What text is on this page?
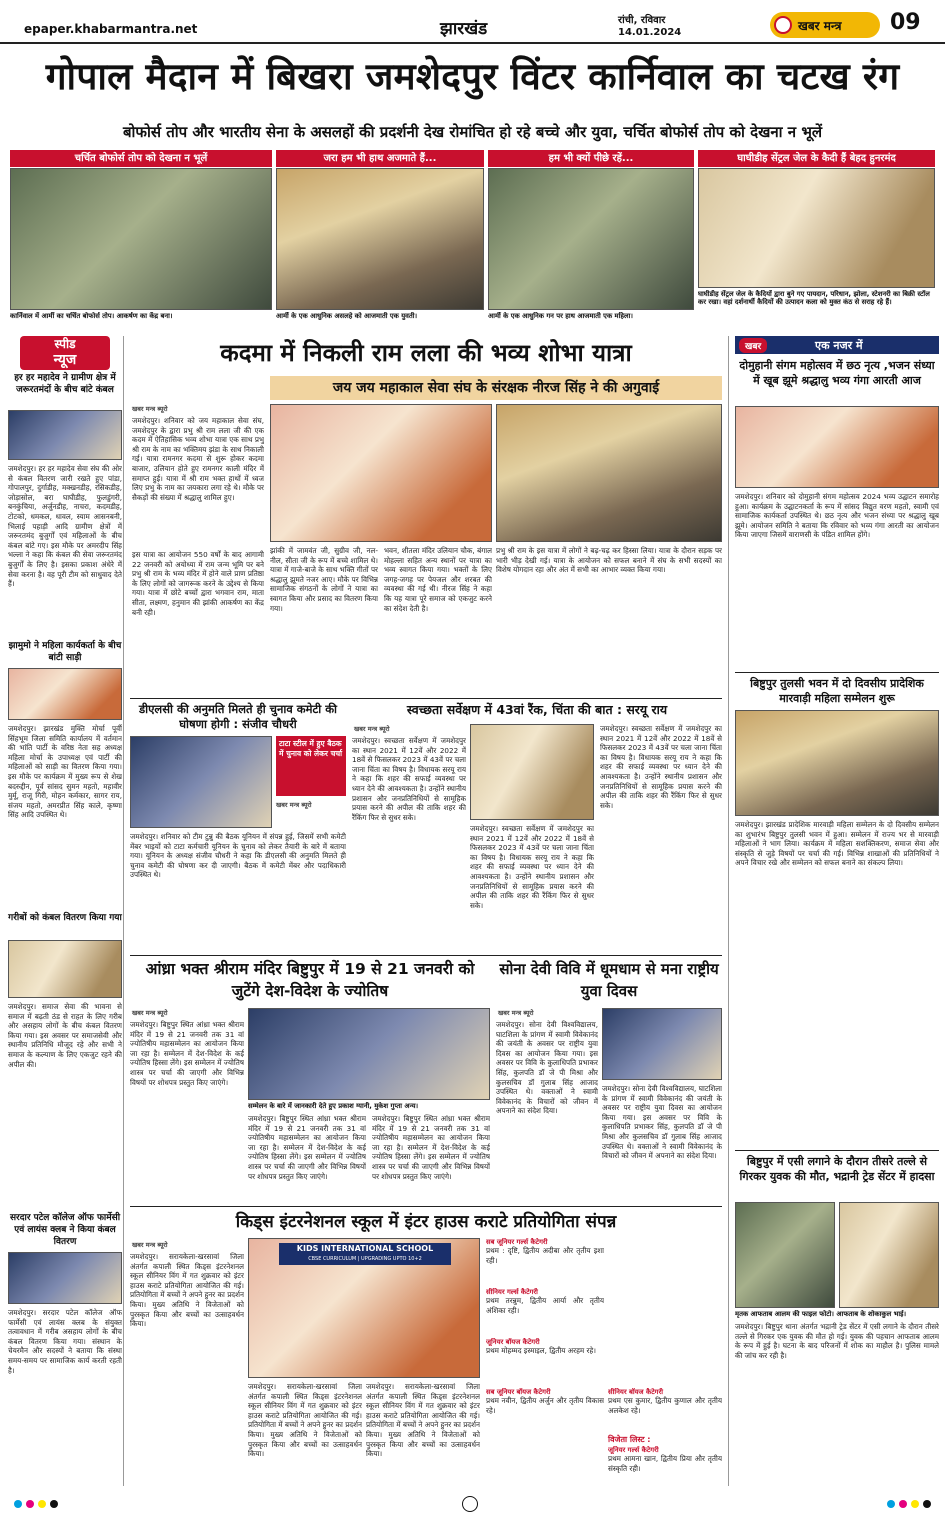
epaper.khabarmantra.net	झारखंड	रांची, रविवार
14.01.2024	खबर मन्त्र 09
गोपाल मैदान में बिखरा जमशेदपुर विंटर कार्निवाल का चटख रंग
बोफोर्स तोप और भारतीय सेना के असलहों की प्रदर्शनी देख रोमांचित हो रहे बच्चे और युवा, चर्चित बोफोर्स तोप को देखना न भूलें
चर्चित बोफोर्स तोप को देखना न भूलें	जरा हम भी हाथ अजमाते हैं...	हम भी क्यों पीछे रहें...	घाघीडीह सेंट्रल जेल के कैदी हैं बेहद हुनरमंद
कार्निवाल में आर्मी का चर्चित बोफोर्स तोप। आकर्षण का केंद्र बना।	आर्मी के एक आधुनिक असलहे को आजमाती एक युवती।	आर्मी के एक आधुनिक गन पर हाथ आजमाती एक महिला।
घाघीडीह सेंट्रल जेल के कैदियों द्वारा बुने गए पायदान, परिधान, झोला, स्टेशनरी का बिक्री स्टॉल कर रखा। वहां दर्शनार्थी कैदियों की उत्पादन कला को मुक्त कंठ से सराह रहे हैं।
स्पीड
न्यूज
हर हर महादेव ने ग्रामीण क्षेत्र में जरूरतमंदों के बीच बांटे कंबल
जमशेदपुर। हर हर महादेव सेवा संघ की ओर से कंबल वितरण जारी रखते हुए पांडा, गोपालपुर, दुर्गाडीह, मक्खनडीह, रसिकडीह, जोड़ासोल, बरा घाघीडीह, फुलडुंगरी, बनकुंचिया, अर्जुनडीह, नाचरा, कदमडीह, टोटको, धमकल, धावल, स्याम आसनबनी, भिलाई पहाड़ी आदि ग्रामीण क्षेत्रों में जरूरतमंद बुजुर्गों एवं महिलाओं के बीच कंबल बांटे गए। इस मौके पर अमरदीप सिंह भल्ला ने कहा कि कंबल की सेवा जरूरतमंद बुजुर्गों के लिए है। इसका प्रकाश अंधेरे में सेवा करना है। वह पूरी टीम को साधुवाद देते हैं।
झामुमो ने महिला कार्यकर्ता के बीच बांटी साड़ी
जमशेदपुर। झारखंड मुक्ति मोर्चा पूर्वी सिंहभूम जिला समिति कार्यालय में वर्तमान की भांति पार्टी के वरिष्ठ नेता सह अध्यक्ष महिला मोर्चा के उपाध्यक्ष एवं पार्टी की महिलाओं को साड़ी का वितरण किया गया। इस मौके पर कार्यक्रम में मुख्य रूप से शेख बदरुद्दीन, पूर्व सांसद सुमन महतो, महावीर मुर्मू, राजू गिरी, मोहन कर्मकार, सागर राय, संजय महतो, अमरप्रीत सिंह काले, कृष्णा सिंह आदि उपस्थित थे।
गरीबों को कंबल वितरण किया गया
जमशेदपुर। समाज सेवा की भावना से समाज में बढ़ती ठंड से राहत के लिए गरीब और असहाय लोगों के बीच कंबल वितरण किया गया। इस अवसर पर समाजसेवी और स्थानीय प्रतिनिधि मौजूद रहे और सभी ने समाज के कल्याण के लिए एकजुट रहने की अपील की।
सरदार पटेल कॉलेज ऑफ फार्मेसी एवं लायंस क्लब ने किया कंबल वितरण
जमशेदपुर। सरदार पटेल कॉलेज ऑफ फार्मेसी एवं लायंस क्लब के संयुक्त तत्वावधान में गरीब असहाय लोगों के बीच कंबल वितरण किया गया। संस्थान के चेयरमैन और सदस्यों ने बताया कि संस्था समय-समय पर सामाजिक कार्य करती रहती है।
कदमा में निकली राम लला की भव्य शोभा यात्रा
जय जय महाकाल सेवा संघ के संरक्षक नीरज सिंह ने की अगुवाई
खबर मन्त्र ब्यूरो
जमशेदपुर। शनिवार को जय महाकाल सेवा संघ, जमशेदपुर के द्वारा प्रभु श्री राम लला जी की एक कदम में ऐतिहासिक भव्य शोभा यात्रा एक साथ प्रभु श्री राम के नाम का भक्तिमय झंडा के साथ निकाली गई। यात्रा रामनगर कदमा से शुरू होकर कदमा बाजार, उलियान होते हुए रामनगर काली मंदिर में समाप्त हुई। यात्रा में श्री राम भक्त हाथों में ध्वज लिए प्रभु के नाम का जयकारा लगा रहे थे। मौके पर सैकड़ों की संख्या में श्रद्धालु शामिल हुए।
इस यात्रा का आयोजन 550 वर्षों के बाद आगामी 22 जनवरी को अयोध्या में राम जन्म भूमि पर बने प्रभु श्री राम के भव्य मंदिर में होने वाले प्राण प्रतिष्ठा के लिए लोगों को जागरूक करने के उद्देश्य से किया गया। यात्रा में छोटे बच्चों द्वारा भगवान राम, माता सीता, लक्ष्मण, हनुमान की झांकी आकर्षण का केंद्र बनी रही।
झांकी में जामवंत जी, सुग्रीव जी, नल-नील, सीता जी के रूप में बच्चे शामिल थे। यात्रा में गाजे-बाजे के साथ भक्ति गीतों पर श्रद्धालु झूमते नजर आए। मौके पर विभिन्न सामाजिक संगठनों के लोगों ने यात्रा का स्वागत किया और प्रसाद का वितरण किया गया।
भवन, शीतला मंदिर उलियान चौक, बंगाल मोहल्ला सहित अन्य स्थानों पर यात्रा का भव्य स्वागत किया गया। भक्तों के लिए जगह-जगह पर पेयजल और शरबत की व्यवस्था की गई थी। नीरज सिंह ने कहा कि यह यात्रा पूरे समाज को एकजुट करने का संदेश देती है।
प्रभु श्री राम के इस यात्रा में लोगों ने बढ़-चढ़ कर हिस्सा लिया। यात्रा के दौरान सड़क पर भारी भीड़ देखी गई। यात्रा के आयोजन को सफल बनाने में संघ के सभी सदस्यों का विशेष योगदान रहा और अंत में सभी का आभार व्यक्त किया गया।
डीएलसी की अनुमति मिलते ही चुनाव कमेटी की घोषणा होगी : संजीव चौधरी
टाटा स्टील में हुए बैठक में चुनाव को लेकर चर्चा
खबर मन्त्र ब्यूरो
जमशेदपुर। शनिवार को टीम टुन्नु की बैठक यूनियन में संपन्न हुई, जिसमें सभी कमेटी मेंबर भाइयों को टाटा कर्मचारी यूनियन के चुनाव को लेकर तैयारी के बारे में बताया गया। यूनियन के अध्यक्ष संजीव चौधरी ने कहा कि डीएलसी की अनुमति मिलते ही चुनाव कमेटी की घोषणा कर दी जाएगी। बैठक में कमेटी मेंबर और पदाधिकारी उपस्थित थे।
स्वच्छता सर्वेक्षण में 43वां रैंक, चिंता की बात : सरयू राय
खबर मन्त्र ब्यूरो
जमशेदपुर। स्वच्छता सर्वेक्षण में जमशेदपुर का स्थान 2021 में 12वें और 2022 में 18वें से फिसलकर 2023 में 43वें पर चला जाना चिंता का विषय है। विधायक सरयू राय ने कहा कि शहर की सफाई व्यवस्था पर ध्यान देने की आवश्यकता है। उन्होंने स्थानीय प्रशासन और जनप्रतिनिधियों से सामूहिक प्रयास करने की अपील की ताकि शहर की रैंकिंग फिर से सुधर सके।
जमशेदपुर। स्वच्छता सर्वेक्षण में जमशेदपुर का स्थान 2021 में 12वें और 2022 में 18वें से फिसलकर 2023 में 43वें पर चला जाना चिंता का विषय है। विधायक सरयू राय ने कहा कि शहर की सफाई व्यवस्था पर ध्यान देने की आवश्यकता है। उन्होंने स्थानीय प्रशासन और जनप्रतिनिधियों से सामूहिक प्रयास करने की अपील की ताकि शहर की रैंकिंग फिर से सुधर सके।
जमशेदपुर। स्वच्छता सर्वेक्षण में जमशेदपुर का स्थान 2021 में 12वें और 2022 में 18वें से फिसलकर 2023 में 43वें पर चला जाना चिंता का विषय है। विधायक सरयू राय ने कहा कि शहर की सफाई व्यवस्था पर ध्यान देने की आवश्यकता है। उन्होंने स्थानीय प्रशासन और जनप्रतिनिधियों से सामूहिक प्रयास करने की अपील की ताकि शहर की रैंकिंग फिर से सुधर सके।
आंध्रा भक्त श्रीराम मंदिर बिष्टुपुर में 19 से 21 जनवरी को जुटेंगे देश-विदेश के ज्योतिष
खबर मन्त्र ब्यूरो
जमशेदपुर। बिष्टुपुर स्थित आंध्रा भक्त श्रीराम मंदिर में 19 से 21 जनवरी तक 31 वां ज्योतिषीय महासम्मेलन का आयोजन किया जा रहा है। सम्मेलन में देश-विदेश के कई ज्योतिष हिस्सा लेंगे। इस सम्मेलन में ज्योतिष शास्त्र पर चर्चा की जाएगी और विभिन्न विषयों पर शोधपत्र प्रस्तुत किए जाएंगे।
सम्मेलन के बारे में जानकारी देते हुए प्रकाश ग्यानी, मुकेश गुप्ता अन्य।
जमशेदपुर। बिष्टुपुर स्थित आंध्रा भक्त श्रीराम मंदिर में 19 से 21 जनवरी तक 31 वां ज्योतिषीय महासम्मेलन का आयोजन किया जा रहा है। सम्मेलन में देश-विदेश के कई ज्योतिष हिस्सा लेंगे। इस सम्मेलन में ज्योतिष शास्त्र पर चर्चा की जाएगी और विभिन्न विषयों पर शोधपत्र प्रस्तुत किए जाएंगे।
जमशेदपुर। बिष्टुपुर स्थित आंध्रा भक्त श्रीराम मंदिर में 19 से 21 जनवरी तक 31 वां ज्योतिषीय महासम्मेलन का आयोजन किया जा रहा है। सम्मेलन में देश-विदेश के कई ज्योतिष हिस्सा लेंगे। इस सम्मेलन में ज्योतिष शास्त्र पर चर्चा की जाएगी और विभिन्न विषयों पर शोधपत्र प्रस्तुत किए जाएंगे।
सोना देवी विवि में धूमधाम से मना राष्ट्रीय युवा दिवस
खबर मन्त्र ब्यूरो
जमशेदपुर। सोना देवी विश्वविद्यालय, घाटशिला के प्रांगण में स्वामी विवेकानंद की जयंती के अवसर पर राष्ट्रीय युवा दिवस का आयोजन किया गया। इस अवसर पर विवि के कुलाधिपति प्रभाकर सिंह, कुलपति डॉ जे पी मिश्रा और कुलसचिव डॉ गुलाब सिंह आजाद उपस्थित थे। वक्ताओं ने स्वामी विवेकानंद के विचारों को जीवन में अपनाने का संदेश दिया।
जमशेदपुर। सोना देवी विश्वविद्यालय, घाटशिला के प्रांगण में स्वामी विवेकानंद की जयंती के अवसर पर राष्ट्रीय युवा दिवस का आयोजन किया गया। इस अवसर पर विवि के कुलाधिपति प्रभाकर सिंह, कुलपति डॉ जे पी मिश्रा और कुलसचिव डॉ गुलाब सिंह आजाद उपस्थित थे। वक्ताओं ने स्वामी विवेकानंद के विचारों को जीवन में अपनाने का संदेश दिया।
किड्स इंटरनेशनल स्कूल में इंटर हाउस कराटे प्रतियोगिता संपन्न
खबर मन्त्र ब्यूरो
जमशेदपुर। सरायकेला-खरसावां जिला अंतर्गत कपाली स्थित किड्स इंटरनेशनल स्कूल सीनियर विंग में गत शुक्रवार को इंटर हाउस कराटे प्रतियोगिता आयोजित की गई। प्रतियोगिता में बच्चों ने अपने हुनर का प्रदर्शन किया। मुख्य अतिथि ने विजेताओं को पुरस्कृत किया और बच्चों का उत्साहवर्धन किया।
KIDS INTERNATIONAL SCHOOL
CBSE CURRICULUM | UPGRADING UPTO 10+2
जमशेदपुर। सरायकेला-खरसावां जिला अंतर्गत कपाली स्थित किड्स इंटरनेशनल स्कूल सीनियर विंग में गत शुक्रवार को इंटर हाउस कराटे प्रतियोगिता आयोजित की गई। प्रतियोगिता में बच्चों ने अपने हुनर का प्रदर्शन किया। मुख्य अतिथि ने विजेताओं को पुरस्कृत किया और बच्चों का उत्साहवर्धन किया।
जमशेदपुर। सरायकेला-खरसावां जिला अंतर्गत कपाली स्थित किड्स इंटरनेशनल स्कूल सीनियर विंग में गत शुक्रवार को इंटर हाउस कराटे प्रतियोगिता आयोजित की गई। प्रतियोगिता में बच्चों ने अपने हुनर का प्रदर्शन किया। मुख्य अतिथि ने विजेताओं को पुरस्कृत किया और बच्चों का उत्साहवर्धन किया।
सब जूनियर गर्ल्स कैटेगरी
प्रथम : दृष्टि, द्वितीय अदीबा और तृतीय इशा रही।
सीनियर गर्ल्स कैटेगरी
प्रथम तरन्नुम, द्वितीय आर्या और तृतीय अंशिका रही।
जूनियर बॉयज कैटेगरी
प्रथम मोहम्मद इस्माइल, द्वितीय अरहम रहे।
सब जूनियर बॉयज कैटेगरी
प्रथम नवीन, द्वितीय अर्जुन और तृतीय विकास रहे।
सीनियर बॉयज कैटेगरी
प्रथम एस कुमार, द्वितीय कुणाल और तृतीय अलकेश रहे।
विजेता लिस्ट :
जूनियर गर्ल्स कैटेगरी
प्रथम आमना खान, द्वितीय प्रिया और तृतीय संस्कृति रही।
खबर	एक नजर में
दोमुहानी संगम महोत्सव में छठ नृत्य ,भजन संध्या में खूब झूमे श्रद्धालु भव्य गंगा आरती आज
जमशेदपुर। शनिवार को दोमुहानी संगम महोत्सव 2024 भव्य उद्घाटन समारोह हुआ। कार्यक्रम के उद्घाटनकर्ता के रूप में सांसद विद्युत वरण महतो, स्वामी एवं सामाजिक कार्यकर्ता उपस्थित थे। छठ नृत्य और भजन संध्या पर श्रद्धालु खूब झूमे। आयोजन समिति ने बताया कि रविवार को भव्य गंगा आरती का आयोजन किया जाएगा जिसमें वाराणसी के पंडित शामिल होंगे।
बिष्टुपुर तुलसी भवन में दो दिवसीय प्रादेशिक मारवाड़ी महिला सम्मेलन शुरू
जमशेदपुर। झारखंड प्रादेशिक मारवाड़ी महिला सम्मेलन के दो दिवसीय सम्मेलन का शुभारंभ बिष्टुपुर तुलसी भवन में हुआ। सम्मेलन में राज्य भर से मारवाड़ी महिलाओं ने भाग लिया। कार्यक्रम में महिला सशक्तिकरण, समाज सेवा और संस्कृति से जुड़े विषयों पर चर्चा की गई। विभिन्न शाखाओं की प्रतिनिधियों ने अपने विचार रखे और सम्मेलन को सफल बनाने का संकल्प लिया।
बिष्टुपुर में एसी लगाने के दौरान तीसरे तल्ले से गिरकर युवक की मौत, भद्रानी ट्रेड सेंटर में हादसा
मृतक आफताब आलम की फाइल फोटो। आफताब के शोकाकुल भाई।
जमशेदपुर। बिष्टुपुर थाना अंतर्गत भद्रानी ट्रेड सेंटर में एसी लगाने के दौरान तीसरे तल्ले से गिरकर एक युवक की मौत हो गई। युवक की पहचान आफताब आलम के रूप में हुई है। घटना के बाद परिजनों में शोक का माहौल है। पुलिस मामले की जांच कर रही है।
